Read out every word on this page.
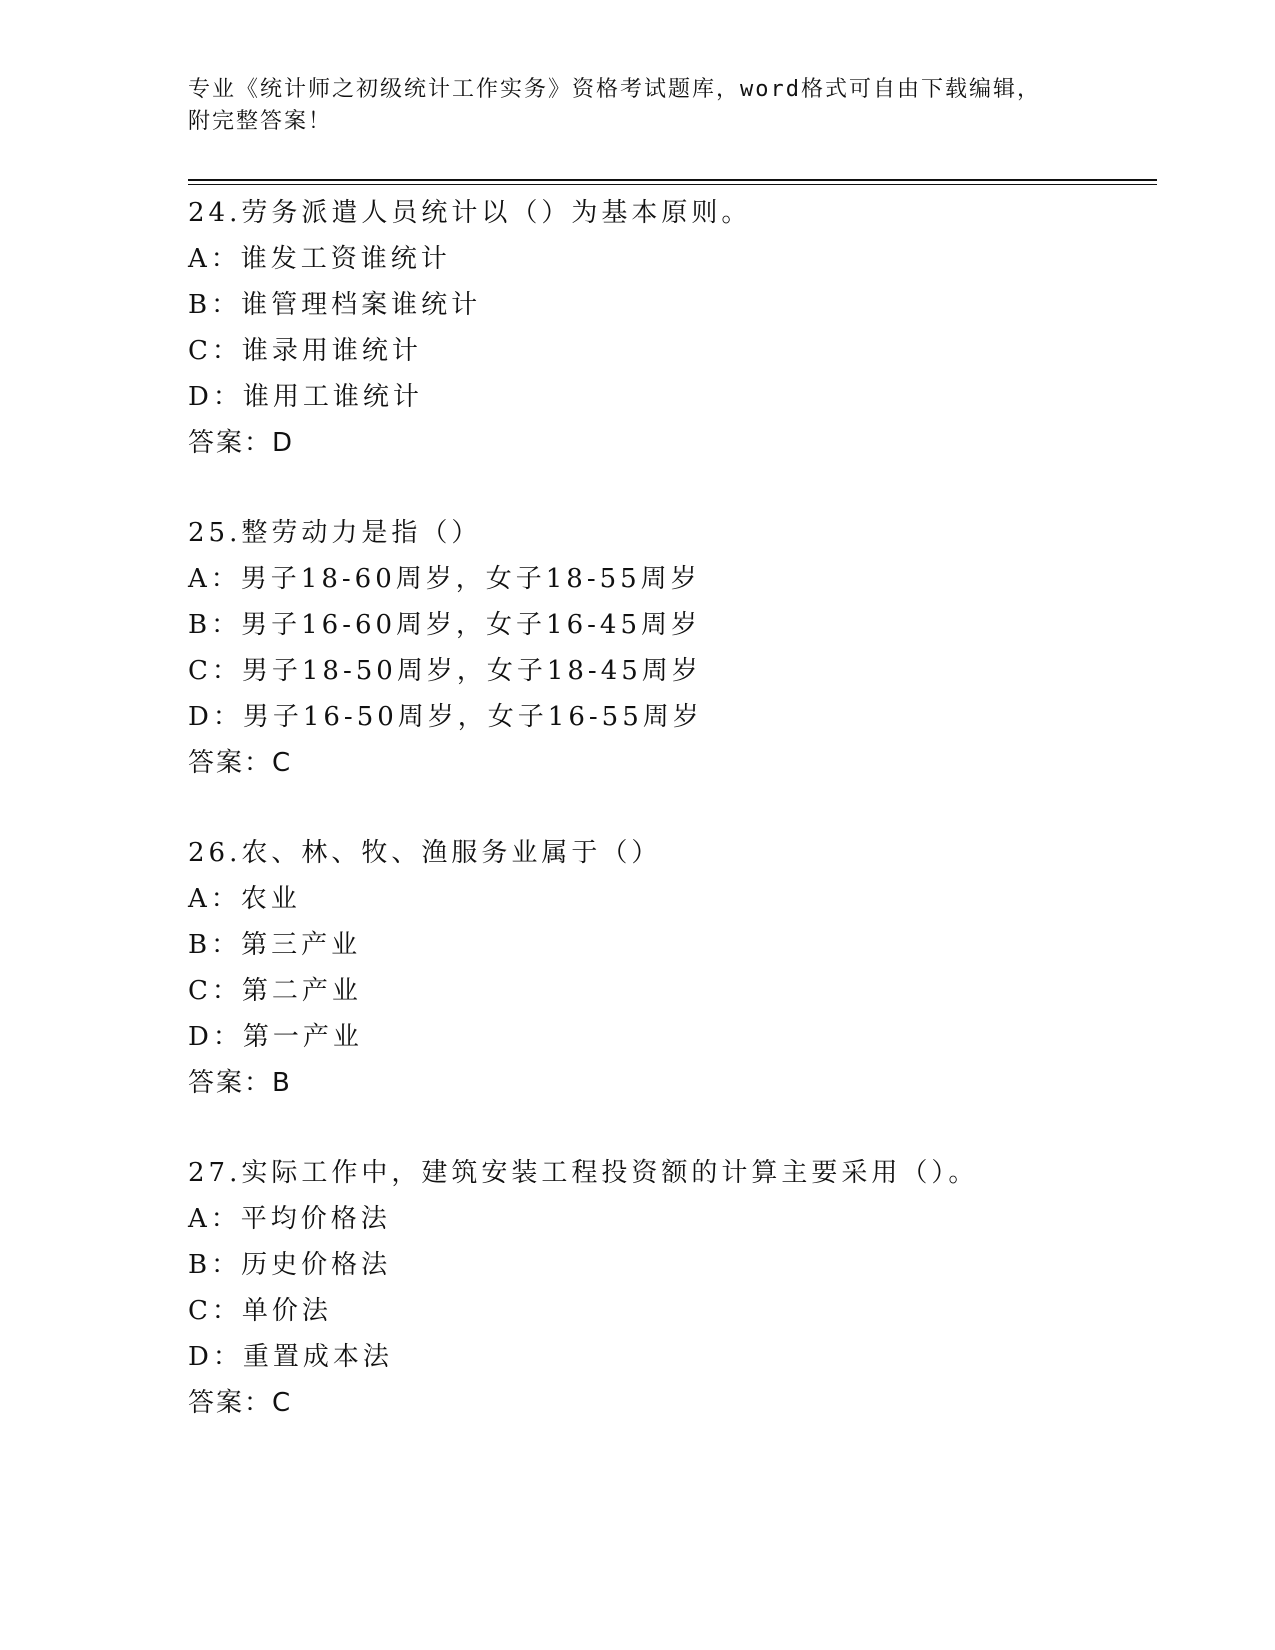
专业《统计师之初级统计工作实务》资格考试题库，word格式可自由下载编辑，
附完整答案！
24.劳务派遣人员统计以（）为基本原则。
A：谁发工资谁统计
B：谁管理档案谁统计
C：谁录用谁统计
D：谁用工谁统计
答案：D
25.整劳动力是指（）
A：男子18-60周岁，女子18-55周岁
B：男子16-60周岁，女子16-45周岁
C：男子18-50周岁，女子18-45周岁
D：男子16-50周岁，女子16-55周岁
答案：C
26.农、林、牧、渔服务业属于（）
A：农业
B：第三产业
C：第二产业
D：第一产业
答案：B
27.实际工作中，建筑安装工程投资额的计算主要采用（）。
A：平均价格法
B：历史价格法
C：单价法
D：重置成本法
答案：C
